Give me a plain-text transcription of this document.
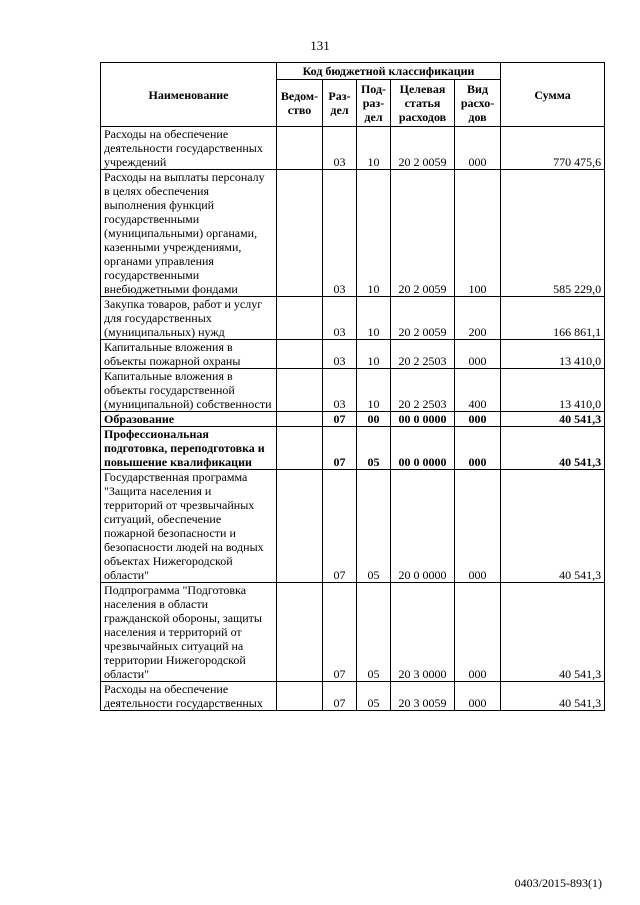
131
Наименование	Код бюджетной классификации					Сумма
	Ведом-ство	Раз-дел	Под-раз-дел	Целевая статья расходов	Вид расхо-дов	
Расходы на обеспечение деятельности государственных учреждений		03	10	20 2 0059	000	770 475,6
Расходы на выплаты персоналу в целях обеспечения выполнения функций государственными (муниципальными) органами, казенными учреждениями, органами управления государственными внебюджетными фондами		03	10	20 2 0059	100	585 229,0
Закупка товаров, работ и услуг для государственных (муниципальных) нужд		03	10	20 2 0059	200	166 861,1
Капитальные вложения в объекты пожарной охраны		03	10	20 2 2503	000	13 410,0
Капитальные вложения в объекты государственной (муниципальной) собственности		03	10	20 2 2503	400	13 410,0
Образование		07	00	00 0 0000	000	40 541,3
Профессиональная подготовка, переподготовка и повышение квалификации		07	05	00 0 0000	000	40 541,3
Государственная программа "Защита населения и территорий от чрезвычайных ситуаций, обеспечение пожарной безопасности и безопасности людей на водных объектах Нижегородской области"		07	05	20 0 0000	000	40 541,3
Подпрограмма "Подготовка населения в области гражданской обороны, защиты населения и территорий от чрезвычайных ситуаций на территории Нижегородской области"		07	05	20 3 0000	000	40 541,3
Расходы на обеспечение деятельности государственных		07	05	20 3 0059	000	40 541,3
0403/2015-893(1)
